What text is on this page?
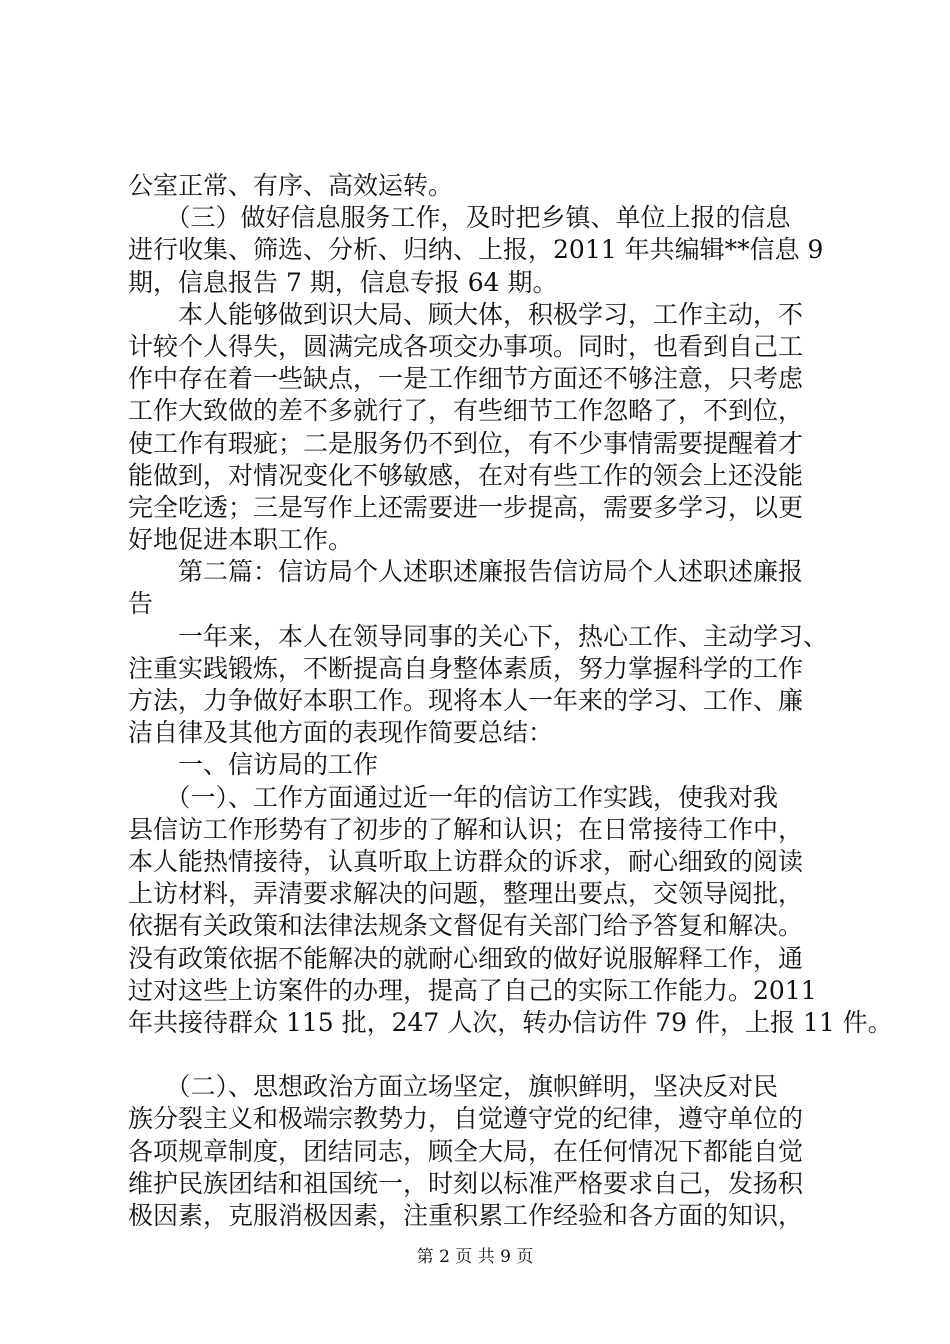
公室正常、有序、高效运转。
　　（三）做好信息服务工作，及时把乡镇、单位上报的信息
进行收集、筛选、分析、归纳、上报，2011 年共编辑**信息 9
期，信息报告 7 期，信息专报 64 期。
　　本人能够做到识大局、顾大体，积极学习，工作主动，不
计较个人得失，圆满完成各项交办事项。同时，也看到自己工
作中存在着一些缺点，一是工作细节方面还不够注意，只考虑
工作大致做的差不多就行了，有些细节工作忽略了，不到位，
使工作有瑕疵；二是服务仍不到位，有不少事情需要提醒着才
能做到，对情况变化不够敏感，在对有些工作的领会上还没能
完全吃透；三是写作上还需要进一步提高，需要多学习，以更
好地促进本职工作。
　　第二篇：信访局个人述职述廉报告信访局个人述职述廉报
告
　　一年来，本人在领导同事的关心下，热心工作、主动学习、
注重实践锻炼，不断提高自身整体素质，努力掌握科学的工作
方法，力争做好本职工作。现将本人一年来的学习、工作、廉
洁自律及其他方面的表现作简要总结：
　　一、信访局的工作
　　（一）、工作方面通过近一年的信访工作实践，使我对我
县信访工作形势有了初步的了解和认识；在日常接待工作中，
本人能热情接待，认真听取上访群众的诉求，耐心细致的阅读
上访材料，弄清要求解决的问题，整理出要点，交领导阅批，
依据有关政策和法律法规条文督促有关部门给予答复和解决。
没有政策依据不能解决的就耐心细致的做好说服解释工作，通
过对这些上访案件的办理，提高了自己的实际工作能力。2011
年共接待群众 115 批，247 人次，转办信访件 79 件，上报 11 件。
　　（二）、思想政治方面立场坚定，旗帜鲜明，坚决反对民
族分裂主义和极端宗教势力，自觉遵守党的纪律，遵守单位的
各项规章制度，团结同志，顾全大局，在任何情况下都能自觉
维护民族团结和祖国统一，时刻以标准严格要求自己，发扬积
极因素，克服消极因素，注重积累工作经验和各方面的知识，
第 2 页 共 9 页
